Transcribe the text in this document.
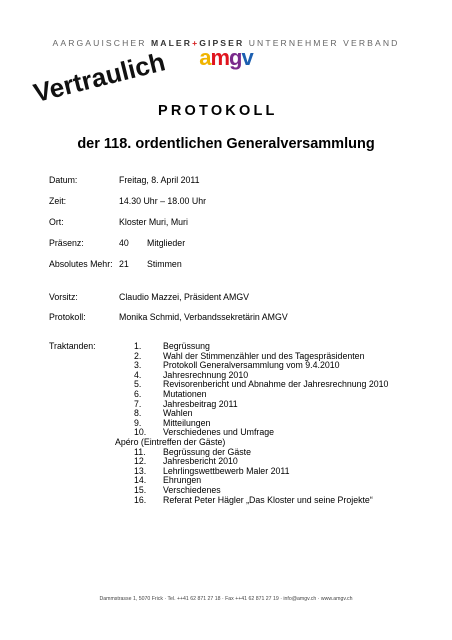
AARGAUISCHER MALER+GIPSER UNTERNEHMER VERBAND
amgv
Vertraulich
PROTOKOLL
der 118. ordentlichen Generalversammlung
Datum:	Freitag, 8. April 2011
Zeit:	14.30 Uhr – 18.00 Uhr
Ort:	Kloster Muri, Muri
Präsenz:	40 Mitglieder
Absolutes Mehr: 21 Stimmen
Vorsitz:	Claudio Mazzei, Präsident AMGV
Protokoll:	Monika Schmid, Verbandssekretärin AMGV
Traktanden:	1. Begrüssung
2. Wahl der Stimmenzähler und des Tagespräsidenten
3. Protokoll Generalversammlung vom 9.4.2010
4. Jahresrechnung 2010
5. Revisorenbericht und Abnahme der Jahresrechnung 2010
6. Mutationen
7. Jahresbeitrag 2011
8. Wahlen
9. Mitteilungen
10. Verschiedenes und Umfrage
Apéro (Eintreffen der Gäste)
11. Begrüssung der Gäste
12. Jahresbericht 2010
13. Lehrlingswettbewerb Maler 2011
14. Ehrungen
15. Verschiedenes
16. Referat Peter Hägler „Das Kloster und seine Projekte“
Dammstrasse 1, 5070 Frick · Tel. ++41 62 871 27 18 · Fax ++41 62 871 27 19 · info@amgv.ch · www.amgv.ch
